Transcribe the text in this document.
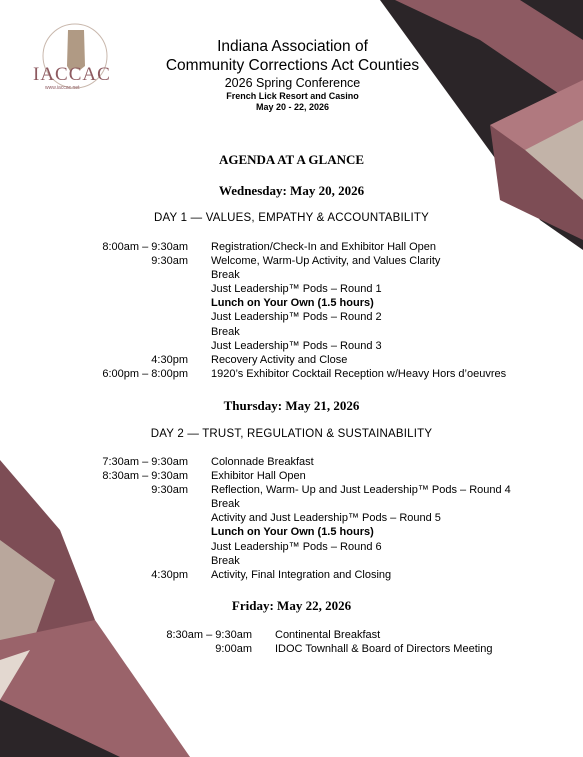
IACCAC
www.iaccac.net
Indiana Association of
Community Corrections Act Counties
2026 Spring Conference
French Lick Resort and Casino
May 20 - 22, 2026
AGENDA AT A GLANCE
Wednesday: May 20, 2026
DAY 1 — VALUES, EMPATHY & ACCOUNTABILITY
8:00am – 9:30am Registration/Check-In and Exhibitor Hall Open
9:30am Welcome, Warm-Up Activity, and Values Clarity
Break
Just Leadership™ Pods – Round 1
Lunch on Your Own (1.5 hours)
Just Leadership™ Pods – Round 2
Break
Just Leadership™ Pods – Round 3
4:30pm Recovery Activity and Close
6:00pm – 8:00pm 1920’s Exhibitor Cocktail Reception w/Heavy Hors d’oeuvres
Thursday: May 21, 2026
DAY 2 — TRUST, REGULATION & SUSTAINABILITY
7:30am – 9:30am Colonnade Breakfast
8:30am – 9:30am Exhibitor Hall Open
9:30am Reflection, Warm- Up and Just Leadership™ Pods – Round 4
Break
Activity and Just Leadership™ Pods – Round 5
Lunch on Your Own (1.5 hours)
Just Leadership™ Pods – Round 6
Break
4:30pm Activity, Final Integration and Closing
Friday: May 22, 2026
8:30am – 9:30am Continental Breakfast
9:00am IDOC Townhall & Board of Directors Meeting
